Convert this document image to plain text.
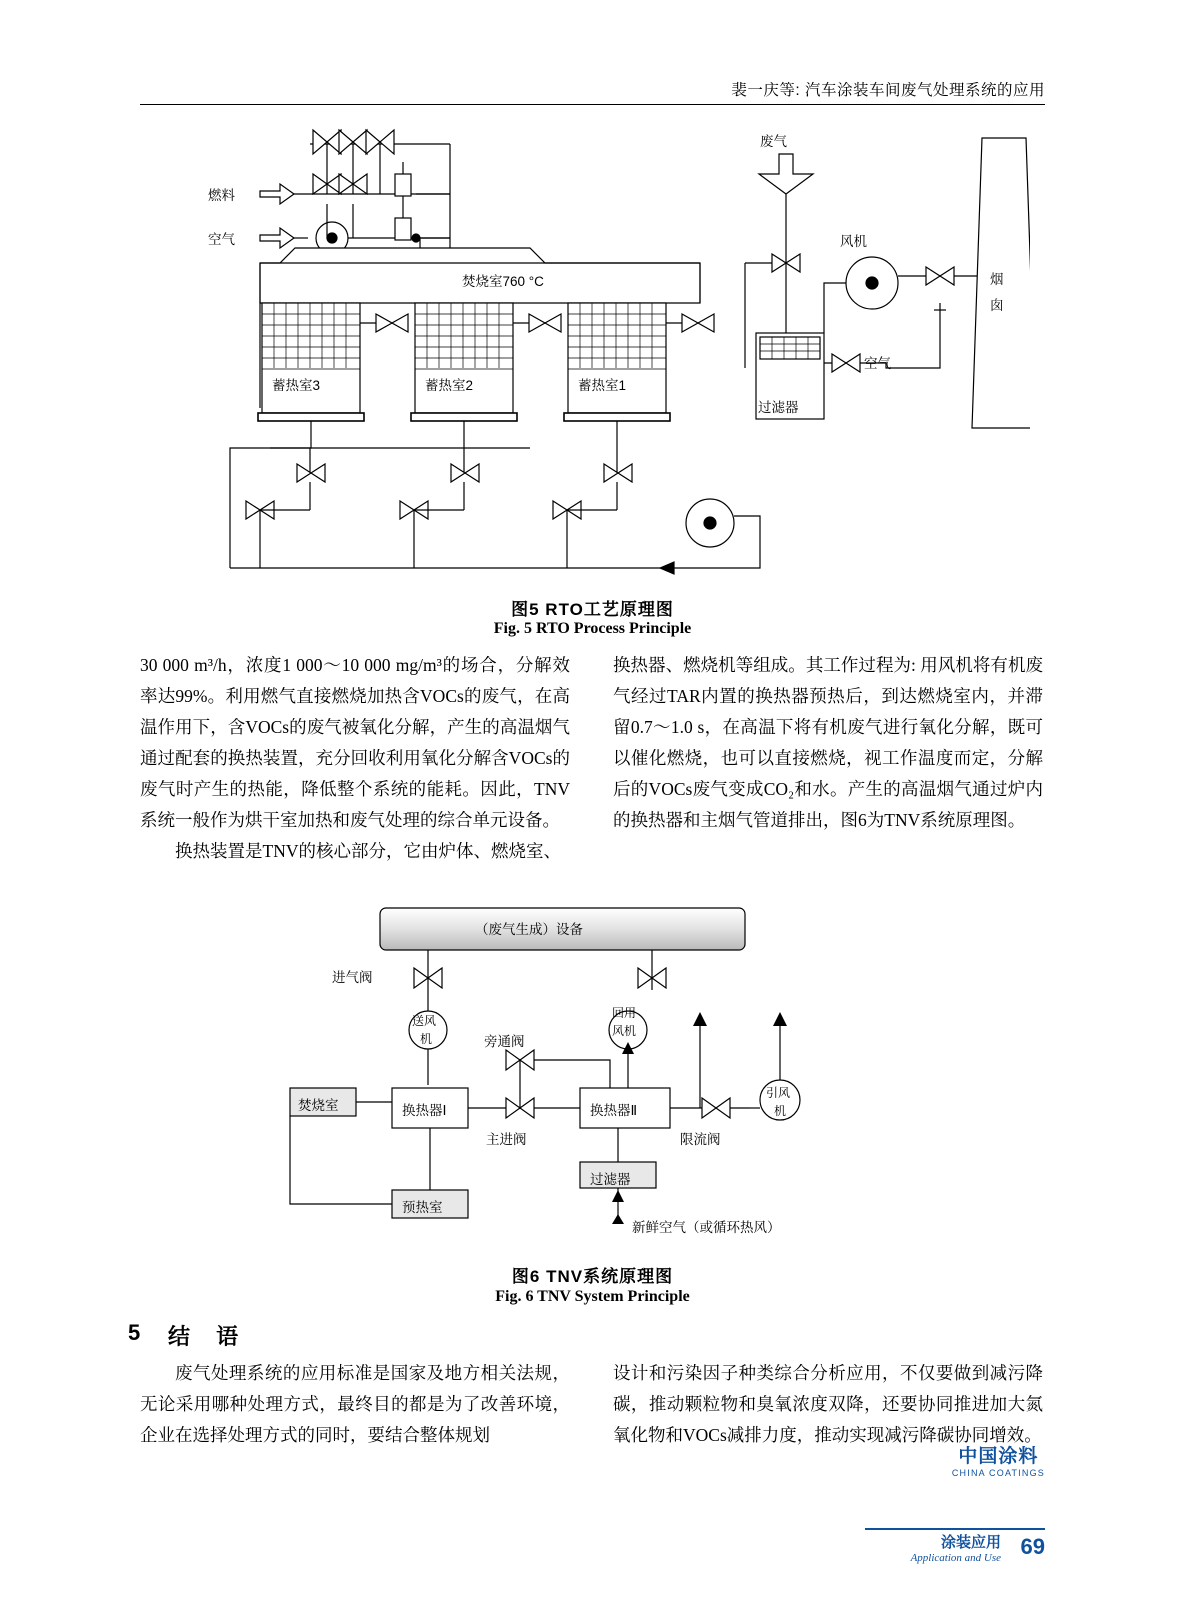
裴一庆等: 汽车涂装车间废气处理系统的应用
燃料
空气
废气
焚烧室760 °C
蓄热室3	蓄热室2	蓄热室1
过滤器
空气
风机
烟
囱
图5 RTO工艺原理图
Fig. 5 RTO Process Principle

30 000 m³/h，浓度1 000～10 000 mg/m³的场合，分解效率达99%。利用燃气直接燃烧加热含VOCs的废气，在高温作用下，含VOCs的废气被氧化分解，产生的高温烟气通过配套的换热装置，充分回收利用氧化分解含VOCs的废气时产生的热能，降低整个系统的能耗。因此，TNV系统一般作为烘干室加热和废气处理的综合单元设备。

换热装置是TNV的核心部分，它由炉体、燃烧室、

换热器、燃烧机等组成。其工作过程为: 用风机将有机废气经过TAR内置的换热器预热后，到达燃烧室内，并滞留0.7～1.0 s，在高温下将有机废气进行氧化分解，既可以催化燃烧，也可以直接燃烧，视工作温度而定，分解后的VOCs废气变成CO₂和水。产生的高温烟气通过炉内的换热器和主烟气管道排出，图6为TNV系统原理图。

（废气生成）设备
进气阀
送风
机
回用
风机
旁通阀
焚烧室	换热器Ⅰ	换热器Ⅱ
主进阀
过滤器
预热室
限流阀
引风
机
新鲜空气（或循环热风）
图6 TNV系统原理图
Fig. 6 TNV System Principle
5 结 语

废气处理系统的应用标准是国家及地方相关法规，无论采用哪种处理方式，最终目的都是为了改善环境，企业在选择处理方式的同时，要结合整体规划

设计和污染因子种类综合分析应用，不仅要做到减污降碳，推动颗粒物和臭氧浓度双降，还要协同推进加大氮氧化物和VOCs减排力度，推动实现减污降碳协同增效。

中国涂料
CHINA COATINGS
涂装应用
Application and Use 69
